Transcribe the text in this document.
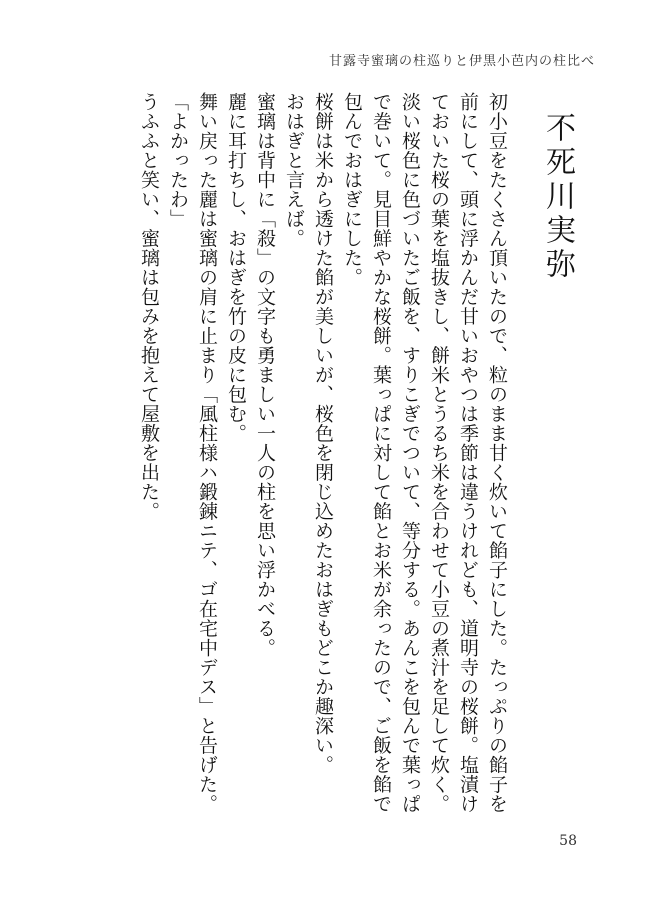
甘露寺蜜璃の柱巡りと伊黒小芭内の柱比べ
不死川実弥

初小豆をたくさん頂いたので、粒のまま甘く炊いて餡子にした。たっぷりの餡子を前にして、頭に浮かんだ甘いおやつは季節は違うけれども、道明寺の桜餅。塩漬けておいた桜の葉を塩抜きし、餅米とうるち米を合わせて小豆の煮汁を足して炊く。淡い桜色に色づいたご飯を、すりこぎでついて、等分する。あんこを包んで葉っぱで巻いて。見目鮮やかな桜餅。葉っぱに対して餡とお米が余ったので、ご飯を餡で包んでおはぎにした。

桜餅は米から透けた餡が美しいが、桜色を閉じ込めたおはぎもどこか趣深い。

おはぎと言えば。

蜜璃は背中に「殺」の文字も勇ましい一人の柱を思い浮かべる。

麗に耳打ちし、おはぎを竹の皮に包む。

舞い戻った麗は蜜璃の肩に止まり「風柱様ハ鍛錬ニテ、ゴ在宅中デス」と告げた。

「よかったわ」

うふふと笑い、蜜璃は包みを抱えて屋敷を出た。

58
